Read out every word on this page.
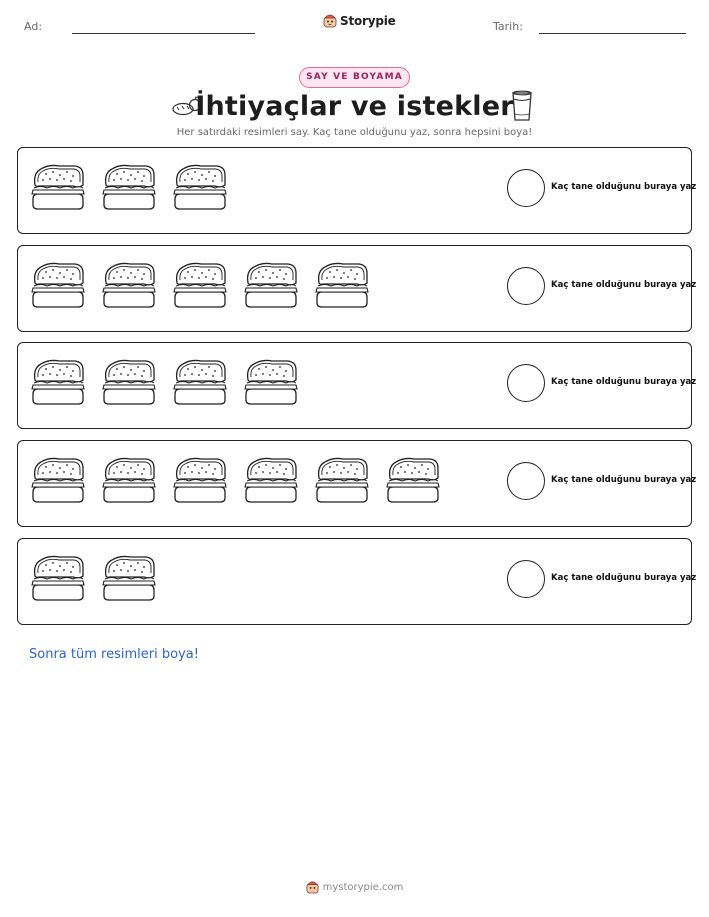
Ad:	Storypie	Tarih:
SAY VE BOYAMA
İhtiyaçlar ve istekler
Her satırdaki resimleri say. Kaç tane olduğunu yaz, sonra hepsini boya!
Kaç tane olduğunu buraya yaz
Kaç tane olduğunu buraya yaz
Kaç tane olduğunu buraya yaz
Kaç tane olduğunu buraya yaz
Kaç tane olduğunu buraya yaz
Sonra tüm resimleri boya!
mystorypie.com
